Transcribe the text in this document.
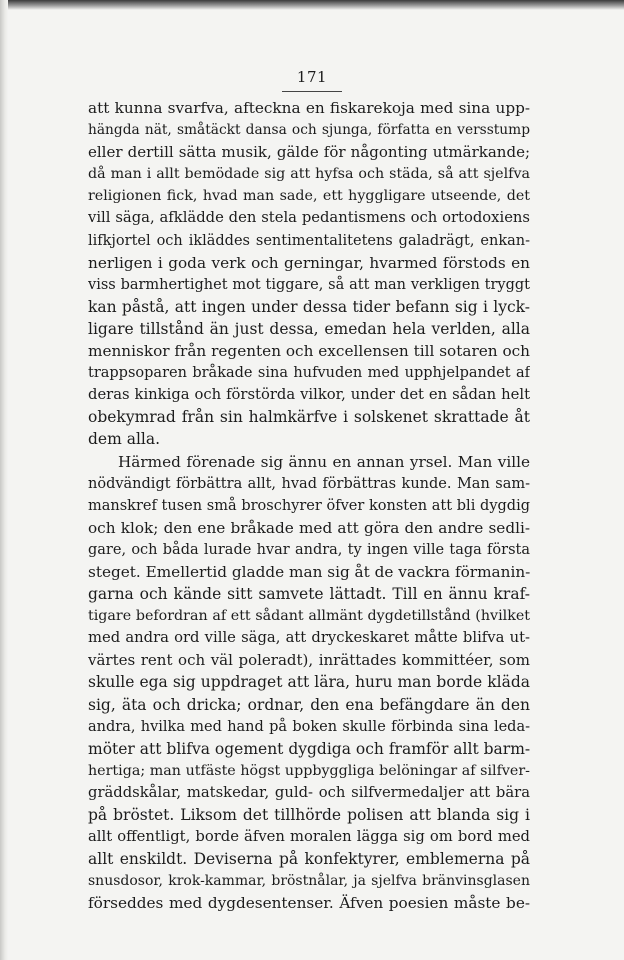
171
att kunna svarfva, afteckna en fiskarekoja med sina upp-
hängda nät, småtäckt dansa och sjunga, författa en versstump
eller dertill sätta musik, gälde för någonting utmärkande;
då man i allt bemödade sig att hyfsa och städa, så att sjelfva
religionen fick, hvad man sade, ett hyggligare utseende, det
vill säga, afklädde den stela pedantismens och ortodoxiens
lifkjortel och ikläddes sentimentalitetens galadrägt, enkan-
nerligen i goda verk och gerningar, hvarmed förstods en
viss barmhertighet mot tiggare, så att man verkligen tryggt
kan påstå, att ingen under dessa tider befann sig i lyck-
ligare tillstånd än just dessa, emedan hela verlden, alla
menniskor från regenten och excellensen till sotaren och
trappsoparen bråkade sina hufvuden med upphjelpandet af
deras kinkiga och förstörda vilkor, under det en sådan helt
obekymrad från sin halmkärfve i solskenet skrattade åt
dem alla.
Härmed förenade sig ännu en annan yrsel. Man ville
nödvändigt förbättra allt, hvad förbättras kunde. Man sam-
manskref tusen små broschyrer öfver konsten att bli dygdig
och klok; den ene bråkade med att göra den andre sedli-
gare, och båda lurade hvar andra, ty ingen ville taga första
steget. Emellertid gladde man sig åt de vackra förmanin-
garna och kände sitt samvete lättadt. Till en ännu kraf-
tigare befordran af ett sådant allmänt dygdetillstånd (hvilket
med andra ord ville säga, att dryckeskaret måtte blifva ut-
värtes rent och väl poleradt), inrättades kommittéer, som
skulle ega sig uppdraget att lära, huru man borde kläda
sig, äta och dricka; ordnar, den ena befängdare än den
andra, hvilka med hand på boken skulle förbinda sina leda-
möter att blifva ogement dygdiga och framför allt barm-
hertiga; man utfäste högst uppbyggliga belöningar af silfver-
gräddskålar, matskedar, guld- och silfvermedaljer att bära
på bröstet. Liksom det tillhörde polisen att blanda sig i
allt offentligt, borde äfven moralen lägga sig om bord med
allt enskildt. Deviserna på konfektyrer, emblemerna på
snusdosor, krok-kammar, bröstnålar, ja sjelfva bränvinsglasen
förseddes med dygdesentenser. Äfven poesien måste be-
